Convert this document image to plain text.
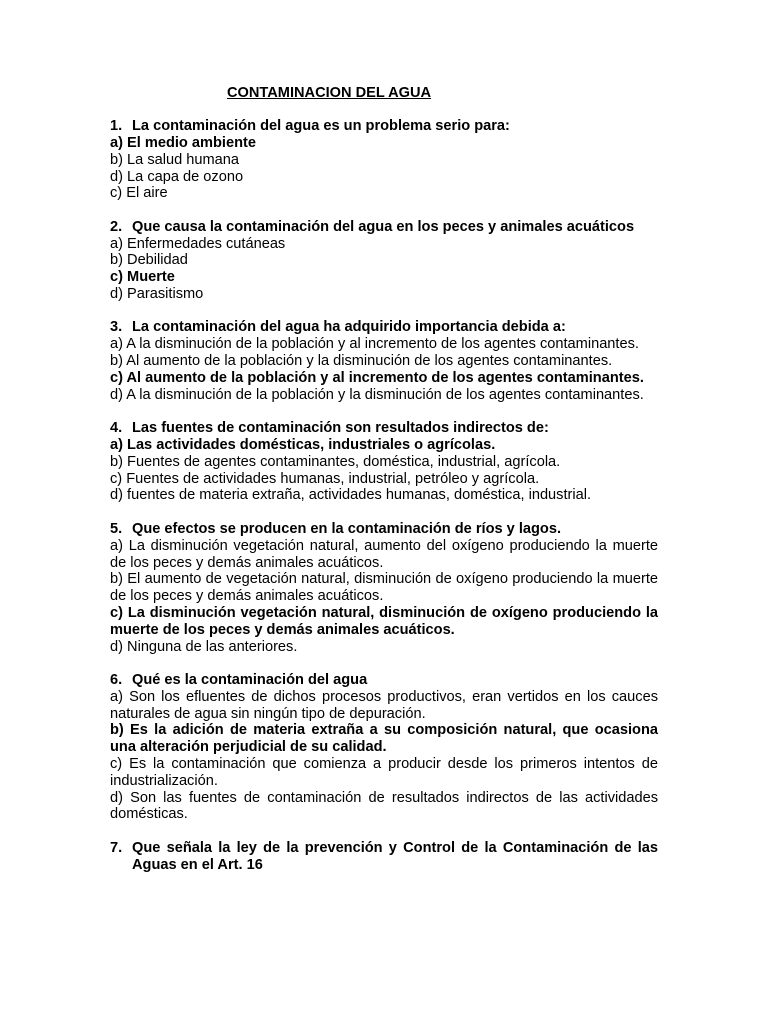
CONTAMINACION DEL AGUA
1. La contaminación del agua es un problema serio para:
a) El medio ambiente
b) La salud humana
d) La capa de ozono
c) El aire
2. Que causa la contaminación del agua en los peces y animales acuáticos
a) Enfermedades cutáneas
b) Debilidad
c) Muerte
d) Parasitismo
3. La contaminación del agua ha adquirido importancia debida a:
a) A la disminución de la población y al incremento de los agentes contaminantes.
b) Al aumento de la población y la disminución de los agentes contaminantes.
c) Al aumento de la población y al incremento de los agentes contaminantes.
d) A la disminución de la población y la disminución de los agentes contaminantes.
4. Las fuentes de contaminación son resultados indirectos de:
a) Las actividades domésticas, industriales o agrícolas.
b) Fuentes de agentes contaminantes, doméstica, industrial, agrícola.
c) Fuentes de actividades humanas, industrial, petróleo y agrícola.
d) fuentes de materia extraña, actividades humanas, doméstica, industrial.
5. Que efectos se producen en la contaminación de ríos y lagos.
a) La disminución vegetación natural, aumento del oxígeno produciendo la muerte de los peces y demás animales acuáticos.
b) El aumento de vegetación natural, disminución de oxígeno produciendo la muerte de los peces y demás animales acuáticos.
c) La disminución vegetación natural, disminución de oxígeno produciendo la muerte de los peces y demás animales acuáticos.
d) Ninguna de las anteriores.
6. Qué es la contaminación del agua
a) Son los efluentes de dichos procesos productivos, eran vertidos en los cauces naturales de agua sin ningún tipo de depuración.
b) Es la adición de materia extraña a su composición natural, que ocasiona una alteración perjudicial de su calidad.
c) Es la contaminación que comienza a producir desde los primeros intentos de industrialización.
d) Son las fuentes de contaminación de resultados indirectos de las actividades domésticas.
7. Que señala la ley de la prevención y Control de la Contaminación de las Aguas en el Art. 16
